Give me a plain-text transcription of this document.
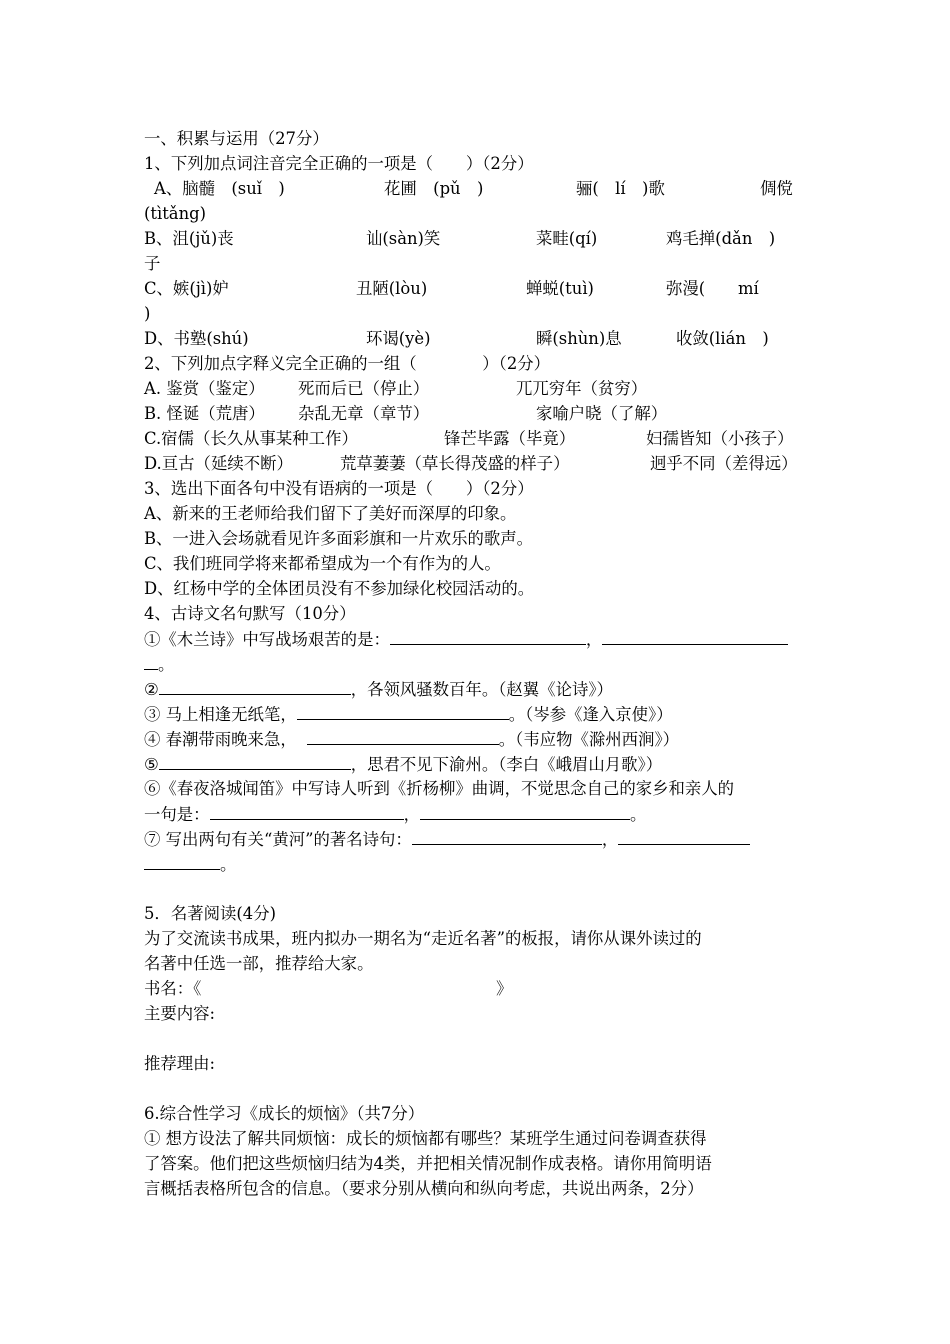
一、积累与运用（27分）
1、下列加点词注音完全正确的一项是（　　）（2分）
A、脑髓　(suǐ　)	花圃　(pǔ　)	骊(　lí　)歌	倜傥
(tìtǎng)
B、沮(jǔ)丧	讪(sàn)笑	菜畦(qí)	鸡毛掸(dǎn　)
子
C、嫉(jì)妒	丑陋(lòu)	蝉蜕(tuì)	弥漫(　　mí
)
D、书塾(shú)	环谒(yè)	瞬(shùn)息	收敛(lián　)
2、下列加点字释义完全正确的一组（　　　　）（2分）
A. 鉴赏（鉴定） 死而后已（停止）	兀兀穷年（贫穷）
B. 怪诞（荒唐） 杂乱无章（章节）	家喻户晓（了解）
C.宿儒（长久从事某种工作）	锋芒毕露（毕竟）	妇孺皆知（小孩子）
D.亘古（延续不断）	荒草萋萋（草长得茂盛的样子）	迥乎不同（差得远）
3、选出下面各句中没有语病的一项是（　　）（2分）
A、新来的王老师给我们留下了美好而深厚的印象。
B、一进入会场就看见许多面彩旗和一片欢乐的歌声。
C、我们班同学将来都希望成为一个有作为的人。
D、红杨中学的全体团员没有不参加绿化校园活动的。
4、古诗文名句默写（10分）
①《木兰诗》中写战场艰苦的是：	，
。
②	，各领风骚数百年。（赵翼《论诗》）
③ 马上相逢无纸笔，	。（岑参《逢入京使》）
④ 春潮带雨晚来急，	。（韦应物《滁州西涧》）
⑤	，思君不见下渝州。（李白《峨眉山月歌》）
⑥《春夜洛城闻笛》中写诗人听到《折杨柳》曲调，不觉思念自己的家乡和亲人的
一句是：	，	。
⑦ 写出两句有关“黄河”的著名诗句：	，
。
5．名著阅读(4分)
为了交流读书成果，班内拟办一期名为“走近名著”的板报，请你从课外读过的
名著中任选一部，推荐给大家。
书名：《	》
主要内容:
推荐理由:
6.综合性学习《成长的烦恼》（共7分）
① 想方设法了解共同烦恼：成长的烦恼都有哪些？某班学生通过问卷调查获得
了答案。他们把这些烦恼归结为4类，并把相关情况制作成表格。请你用简明语
言概括表格所包含的信息。（要求分别从横向和纵向考虑，共说出两条，2分）
